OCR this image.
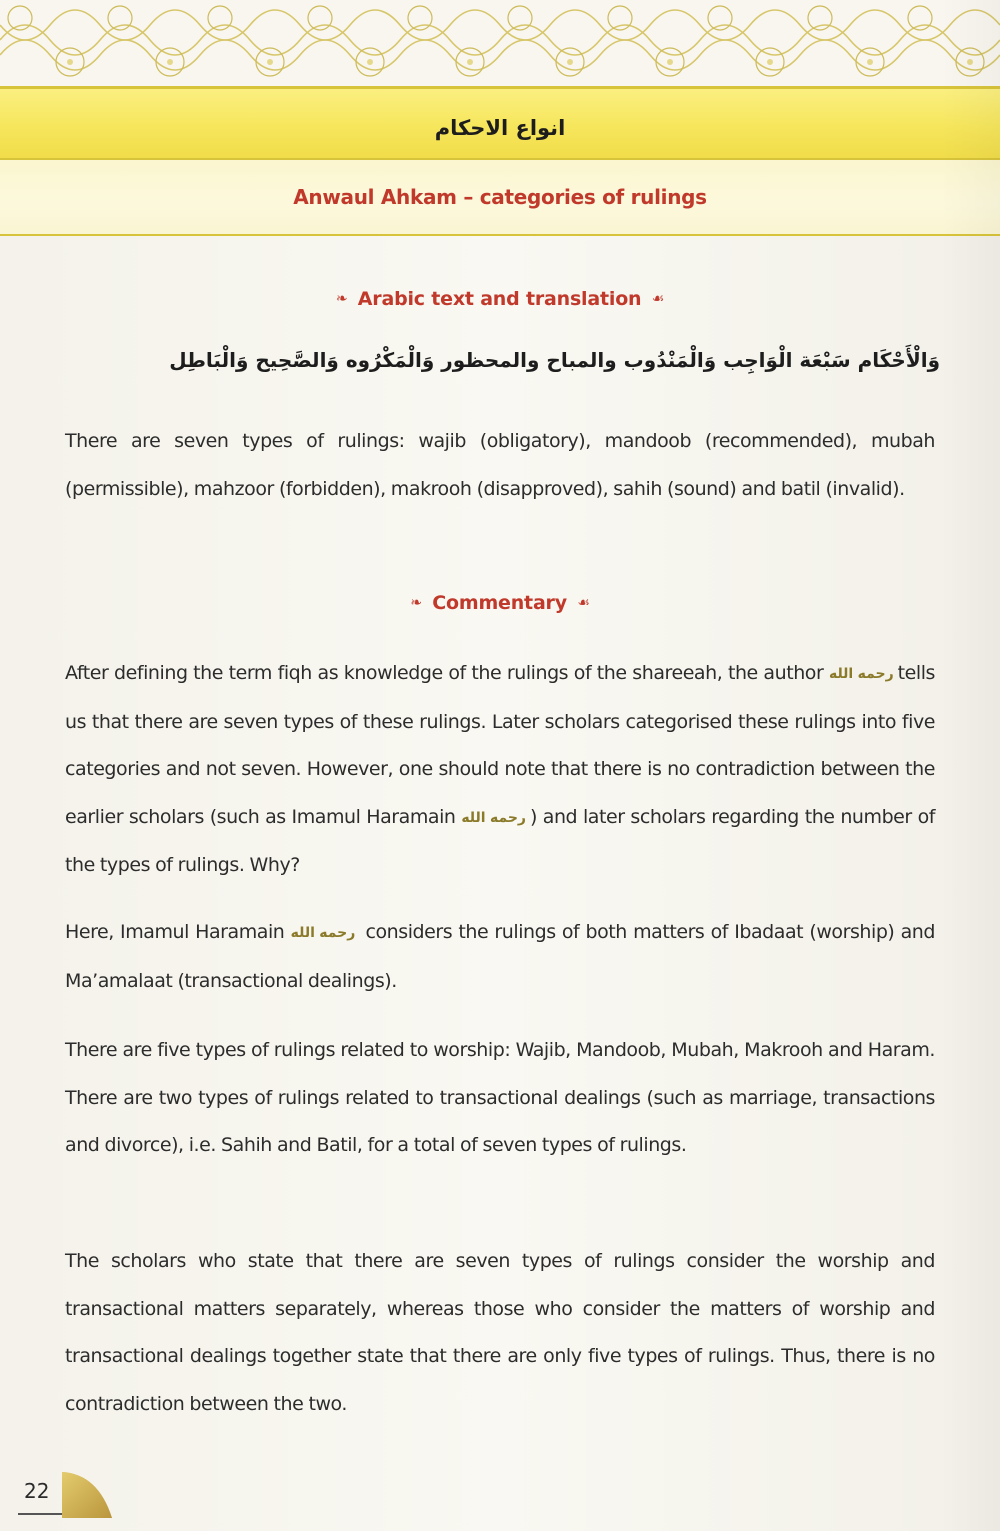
انواع الاحكام
Anwaul Ahkam – categories of rulings
❧ Arabic text and translation ☙
وَالْأَحْكَام سَبْعَة الْوَاجِب وَالْمَنْدُوب والمباح والمحظور وَالْمَكْرُوه وَالصَّحِيح وَالْبَاطِل
There are seven types of rulings: wajib (obligatory), mandoob (recommended), mubah (permissible), mahzoor (forbidden), makrooh (disapproved), sahih (sound) and batil (invalid).
❧ Commentary ☙
After defining the term fiqh as knowledge of the rulings of the shareeah, the author رحمه الله tells us that there are seven types of these rulings. Later scholars categorised these rulings into five categories and not seven. However, one should note that there is no contradiction between the earlier scholars (such as Imamul Haramain رحمه الله ) and later scholars regarding the number of the types of rulings. Why?
Here, Imamul Haramain رحمه الله considers the rulings of both matters of Ibadaat (worship) and Ma’amalaat (transactional dealings).
There are five types of rulings related to worship: Wajib, Mandoob, Mubah, Makrooh and Haram. There are two types of rulings related to transactional dealings (such as marriage, transactions and divorce), i.e. Sahih and Batil, for a total of seven types of rulings.
The scholars who state that there are seven types of rulings consider the worship and transactional matters separately, whereas those who consider the matters of worship and transactional dealings together state that there are only five types of rulings. Thus, there is no contradiction between the two.
22
